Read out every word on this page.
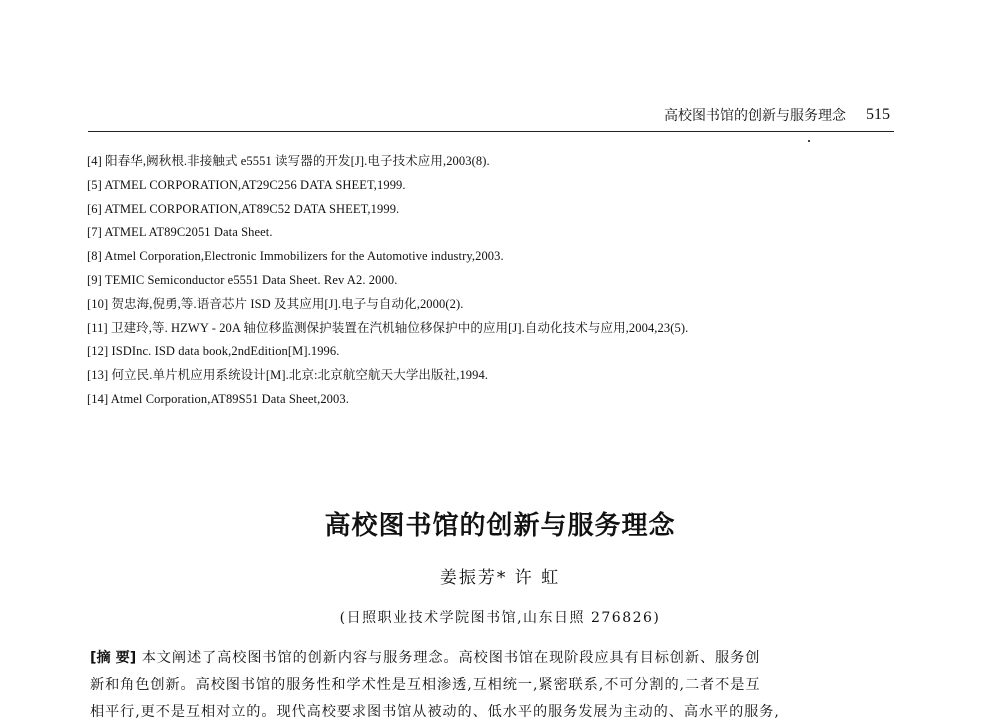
高校图书馆的创新与服务理念 515
[4] 阳春华,阙秋根.非接触式 e5551 读写器的开发[J].电子技术应用,2003(8).
[5] ATMEL CORPORATION,AT29C256 DATA SHEET,1999.
[6] ATMEL CORPORATION,AT89C52 DATA SHEET,1999.
[7] ATMEL AT89C2051 Data Sheet.
[8] Atmel Corporation,Electronic Immobilizers for the Automotive industry,2003.
[9] TEMIC Semiconductor e5551 Data Sheet. Rev A2. 2000.
[10] 贺忠海,倪勇,等.语音芯片 ISD 及其应用[J].电子与自动化,2000(2).
[11] 卫建玲,等. HZWY - 20A 轴位移监测保护装置在汽机轴位移保护中的应用[J].自动化技术与应用,2004,23(5).
[12] ISDInc. ISD data book,2ndEdition[M].1996.
[13] 何立民.单片机应用系统设计[M].北京:北京航空航天大学出版社,1994.
[14] Atmel Corporation,AT89S51 Data Sheet,2003.
高校图书馆的创新与服务理念
姜振芳* 许 虹
(日照职业技术学院图书馆,山东日照 276826)
[摘 要] 本文阐述了高校图书馆的创新内容与服务理念。高校图书馆在现阶段应具有目标创新、服务创
新和角色创新。高校图书馆的服务性和学术性是互相渗透,互相统一,紧密联系,不可分割的,二者不是互
相平行,更不是互相对立的。现代高校要求图书馆从被动的、低水平的服务发展为主动的、高水平的服务,
